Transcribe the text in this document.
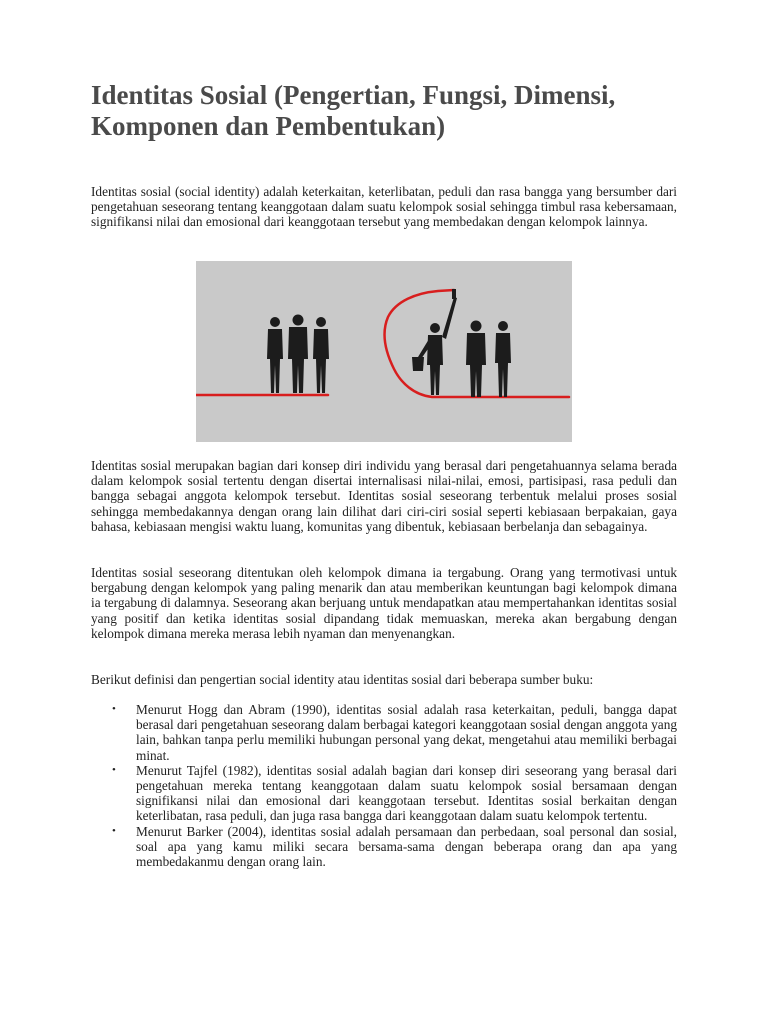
Identitas Sosial (Pengertian, Fungsi, Dimensi, Komponen dan Pembentukan)

Identitas sosial (social identity) adalah keterkaitan, keterlibatan, peduli dan rasa bangga yang bersumber dari pengetahuan seseorang tentang keanggotaan dalam suatu kelompok sosial sehingga timbul rasa kebersamaan, signifikansi nilai dan emosional dari keanggotaan tersebut yang membedakan dengan kelompok lainnya.

Identitas sosial merupakan bagian dari konsep diri individu yang berasal dari pengetahuannya selama berada dalam kelompok sosial tertentu dengan disertai internalisasi nilai-nilai, emosi, partisipasi, rasa peduli dan bangga sebagai anggota kelompok tersebut. Identitas sosial seseorang terbentuk melalui proses sosial sehingga membedakannya dengan orang lain dilihat dari ciri-ciri sosial seperti kebiasaan berpakaian, gaya bahasa, kebiasaan mengisi waktu luang, komunitas yang dibentuk, kebiasaan berbelanja dan sebagainya.

Identitas sosial seseorang ditentukan oleh kelompok dimana ia tergabung. Orang yang termotivasi untuk bergabung dengan kelompok yang paling menarik dan atau memberikan keuntungan bagi kelompok dimana ia tergabung di dalamnya. Seseorang akan berjuang untuk mendapatkan atau mempertahankan identitas sosial yang positif dan ketika identitas sosial dipandang tidak memuaskan, mereka akan bergabung dengan kelompok dimana mereka merasa lebih nyaman dan menyenangkan.

Berikut definisi dan pengertian social identity atau identitas sosial dari beberapa sumber buku:

• Menurut Hogg dan Abram (1990), identitas sosial adalah rasa keterkaitan, peduli, bangga dapat berasal dari pengetahuan seseorang dalam berbagai kategori keanggotaan sosial dengan anggota yang lain, bahkan tanpa perlu memiliki hubungan personal yang dekat, mengetahui atau memiliki berbagai minat.
• Menurut Tajfel (1982), identitas sosial adalah bagian dari konsep diri seseorang yang berasal dari pengetahuan mereka tentang keanggotaan dalam suatu kelompok sosial bersamaan dengan signifikansi nilai dan emosional dari keanggotaan tersebut. Identitas sosial berkaitan dengan keterlibatan, rasa peduli, dan juga rasa bangga dari keanggotaan dalam suatu kelompok tertentu.
• Menurut Barker (2004), identitas sosial adalah persamaan dan perbedaan, soal personal dan sosial, soal apa yang kamu miliki secara bersama-sama dengan beberapa orang dan apa yang membedakanmu dengan orang lain.
